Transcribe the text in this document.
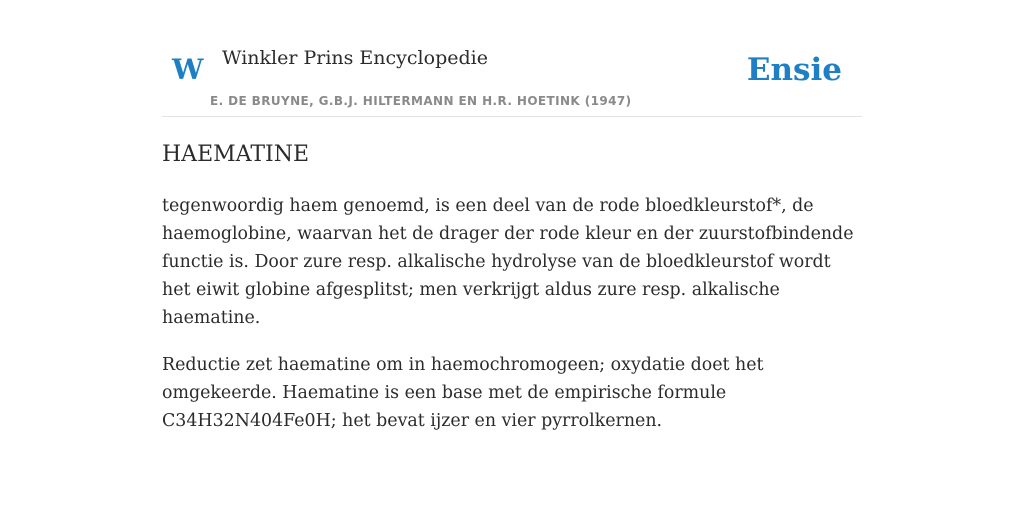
W Winkler Prins Encyclopedie
E. DE BRUYNE, G.B.J. HILTERMANN EN H.R. HOETINK (1947)
Ensie
HAEMATINE

tegenwoordig haem genoemd, is een deel van de rode bloedkleurstof*, de haemoglobine, waarvan het de drager der rode kleur en der zuurstofbindende functie is. Door zure resp. alkalische hydrolyse van de bloedkleurstof wordt het eiwit globine afgesplitst; men verkrijgt aldus zure resp. alkalische haematine.

Reductie zet haematine om in haemochromogeen; oxydatie doet het omgekeerde. Haematine is een base met de empirische formule C34H32N404Fe0H; het bevat ijzer en vier pyrrolkernen.
